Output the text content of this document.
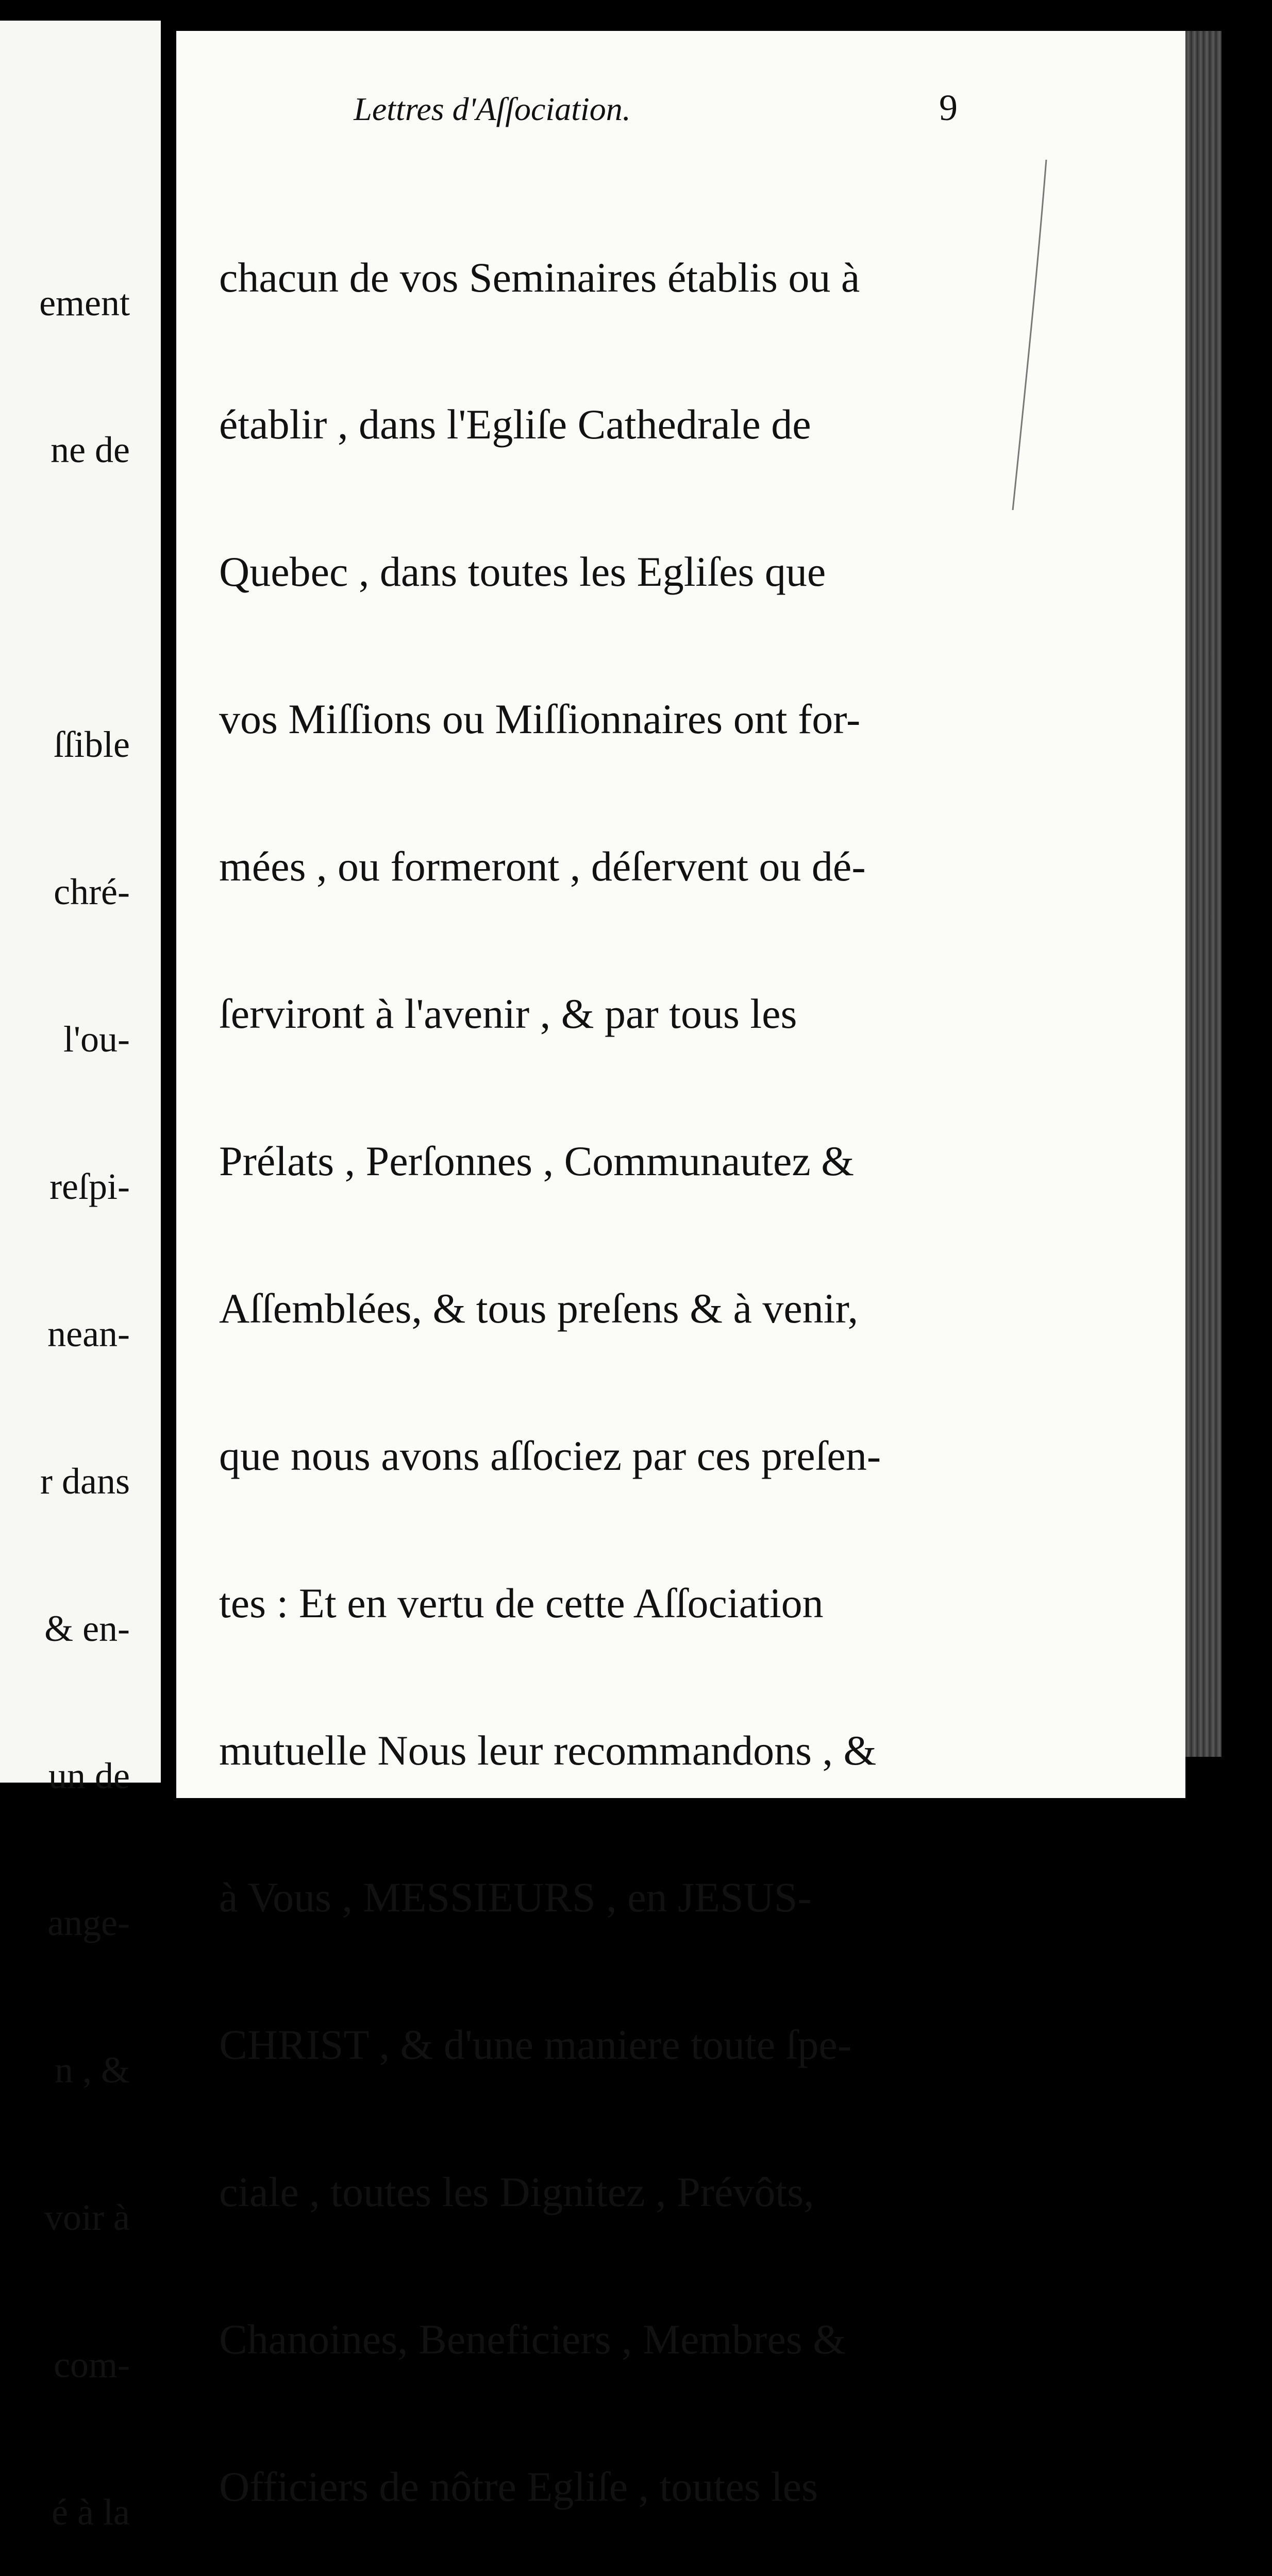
ement

ne de

ſſible

chré-

l'ou-

reſpi-

nean-

r dans

& en-

un de

ange-

n , &

voir à

com-

é à la

Lettres d'Aſſociation.	9

chacun de vos Seminaires établis ou à

établir , dans l'Egliſe Cathedrale de

Quebec , dans toutes les Egliſes que

vos Miſſions ou Miſſionnaires ont for-

mées , ou formeront , déſervent ou dé-

ſerviront à l'avenir , & par tous les

Prélats , Perſonnes , Communautez &

Aſſemblées, & tous preſens & à venir,

que nous avons aſſociez par ces preſen-

tes : Et en vertu de cette Aſſociation

mutuelle Nous leur recommandons , &

à Vous , MESSIEURS , en JESUS-

CHRIST , & d'une maniere toute ſpe-

ciale , toutes les Dignitez , Prévôts,

Chanoines, Beneficiers , Membres &

Officiers de nôtre Egliſe , toutes les
